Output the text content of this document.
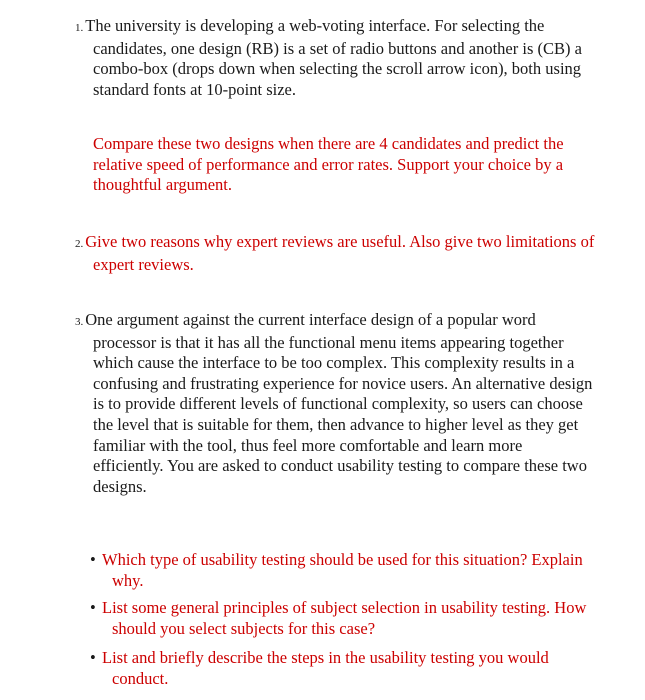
1. The university is developing a web-voting interface. For selecting the candidates, one design (RB) is a set of radio buttons and another is (CB) a combo-box (drops down when selecting the scroll arrow icon), both using standard fonts at 10-point size.
Compare these two designs when there are 4 candidates and predict the relative speed of performance and error rates. Support your choice by a thoughtful argument.
2. Give two reasons why expert reviews are useful. Also give two limitations of expert reviews.
3. One argument against the current interface design of a popular word processor is that it has all the functional menu items appearing together which cause the interface to be too complex. This complexity results in a confusing and frustrating experience for novice users. An alternative design is to provide different levels of functional complexity, so users can choose the level that is suitable for them, then advance to higher level as they get familiar with the tool, thus feel more comfortable and learn more efficiently. You are asked to conduct usability testing to compare these two designs.
• Which type of usability testing should be used for this situation? Explain why.
• List some general principles of subject selection in usability testing. How should you select subjects for this case?
• List and briefly describe the steps in the usability testing you would conduct.
